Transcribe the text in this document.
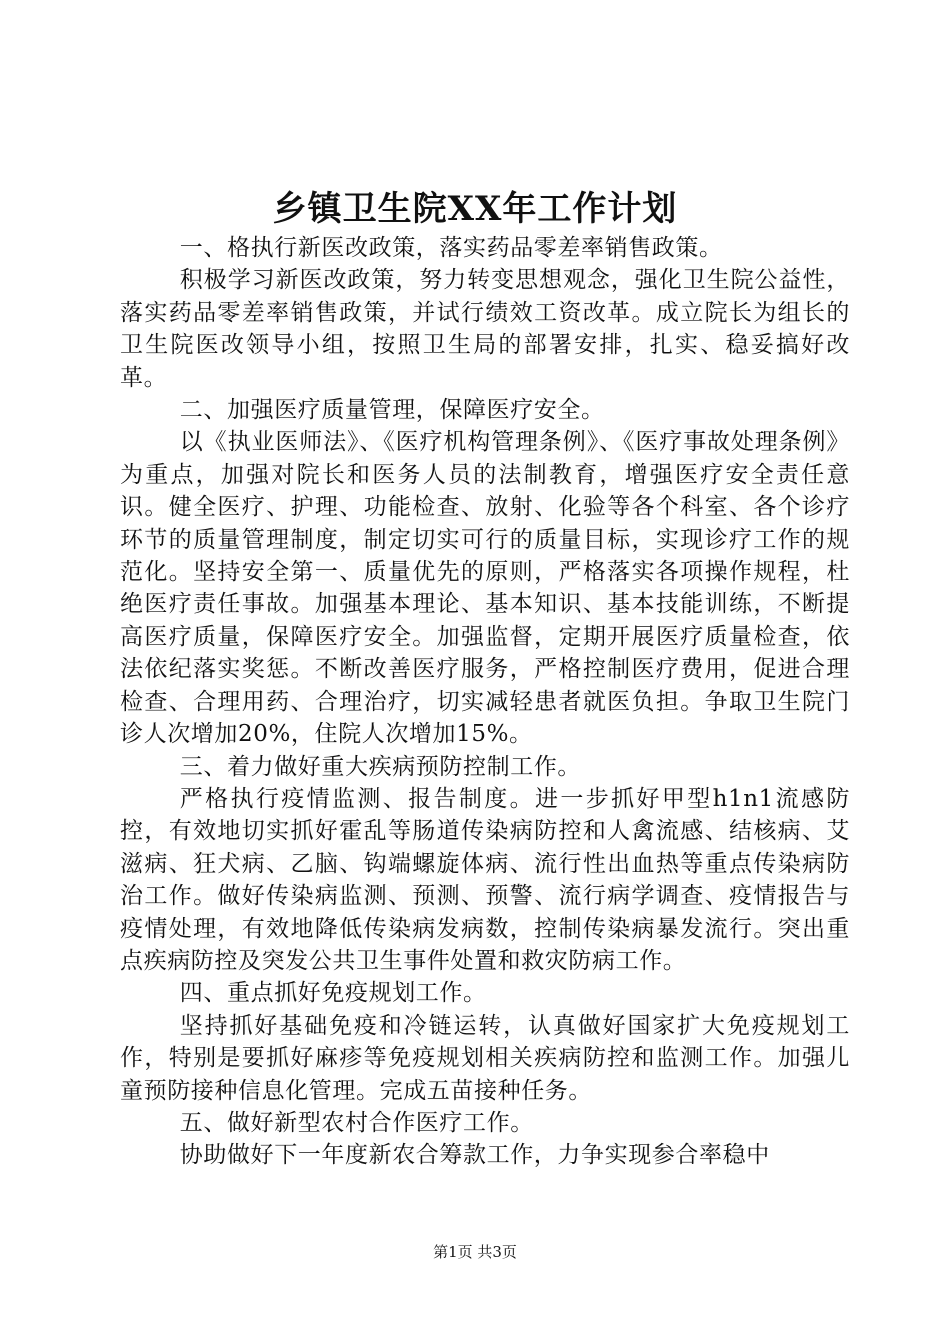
乡镇卫生院XX年工作计划

一、格执行新医改政策，落实药品零差率销售政策。

积极学习新医改政策，努力转变思想观念，强化卫生院公益性，落实药品零差率销售政策，并试行绩效工资改革。成立院长为组长的卫生院医改领导小组，按照卫生局的部署安排，扎实、稳妥搞好改革。

二、加强医疗质量管理，保障医疗安全。

以《执业医师法》、《医疗机构管理条例》、《医疗事故处理条例》为重点，加强对院长和医务人员的法制教育，增强医疗安全责任意识。健全医疗、护理、功能检查、放射、化验等各个科室、各个诊疗环节的质量管理制度，制定切实可行的质量目标，实现诊疗工作的规范化。坚持安全第一、质量优先的原则，严格落实各项操作规程，杜绝医疗责任事故。加强基本理论、基本知识、基本技能训练，不断提高医疗质量，保障医疗安全。加强监督，定期开展医疗质量检查，依法依纪落实奖惩。不断改善医疗服务，严格控制医疗费用，促进合理检查、合理用药、合理治疗，切实减轻患者就医负担。争取卫生院门诊人次增加20%，住院人次增加15%。

三、着力做好重大疾病预防控制工作。

严格执行疫情监测、报告制度。进一步抓好甲型h1n1流感防控，有效地切实抓好霍乱等肠道传染病防控和人禽流感、结核病、艾滋病、狂犬病、乙脑、钩端螺旋体病、流行性出血热等重点传染病防治工作。做好传染病监测、预测、预警、流行病学调查、疫情报告与疫情处理，有效地降低传染病发病数，控制传染病暴发流行。突出重点疾病防控及突发公共卫生事件处置和救灾防病工作。

四、重点抓好免疫规划工作。

坚持抓好基础免疫和冷链运转，认真做好国家扩大免疫规划工作，特别是要抓好麻疹等免疫规划相关疾病防控和监测工作。加强儿童预防接种信息化管理。完成五苗接种任务。

五、做好新型农村合作医疗工作。

协助做好下一年度新农合筹款工作，力争实现参合率稳中

第1页 共3页
